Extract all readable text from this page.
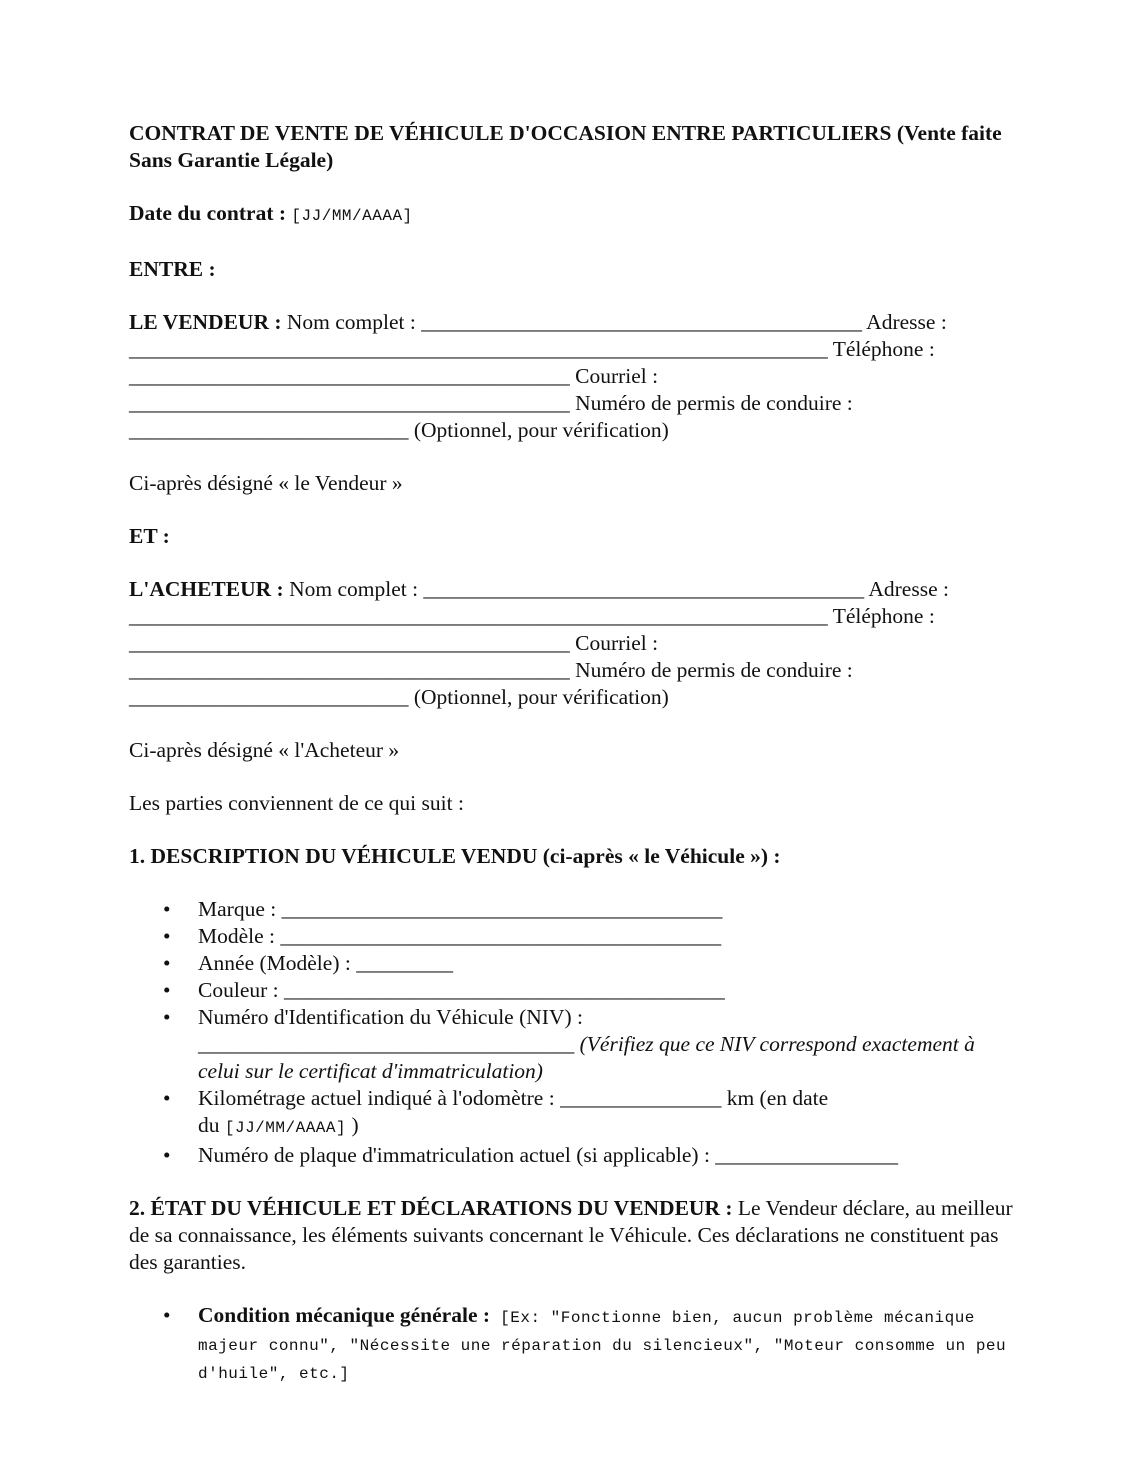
CONTRAT DE VENTE DE VÉHICULE D'OCCASION ENTRE PARTICULIERS (Vente faite Sans Garantie Légale)

Date du contrat : [JJ/MM/AAAA]

ENTRE :

LE VENDEUR : Nom complet : _________________________________________ Adresse :

_________________________________________________________________ Téléphone :

_________________________________________ Courriel :

_________________________________________ Numéro de permis de conduire :

__________________________ (Optionnel, pour vérification)

Ci-après désigné « le Vendeur »

ET :

L'ACHETEUR : Nom complet : _________________________________________ Adresse :

_________________________________________________________________ Téléphone :

_________________________________________ Courriel :

_________________________________________ Numéro de permis de conduire :

__________________________ (Optionnel, pour vérification)

Ci-après désigné « l'Acheteur »

Les parties conviennent de ce qui suit :

1. DESCRIPTION DU VÉHICULE VENDU (ci-après « le Véhicule ») :

• Marque : _________________________________________
• Modèle : _________________________________________
• Année (Modèle) : _________
• Couleur : _________________________________________
• Numéro d'Identification du Véhicule (NIV) :
___________________________________ (Vérifiez que ce NIV correspond exactement à celui sur le certificat d'immatriculation)
• Kilométrage actuel indiqué à l'odomètre : _______________ km (en date
du [JJ/MM/AAAA] )
• Numéro de plaque d'immatriculation actuel (si applicable) : _________________

2. ÉTAT DU VÉHICULE ET DÉCLARATIONS DU VENDEUR : Le Vendeur déclare, au meilleur de sa connaissance, les éléments suivants concernant le Véhicule. Ces déclarations ne constituent pas des garanties.

• Condition mécanique générale : [Ex: "Fonctionne bien, aucun problème mécanique majeur connu", "Nécessite une réparation du silencieux", "Moteur consomme un peu d'huile", etc.]
